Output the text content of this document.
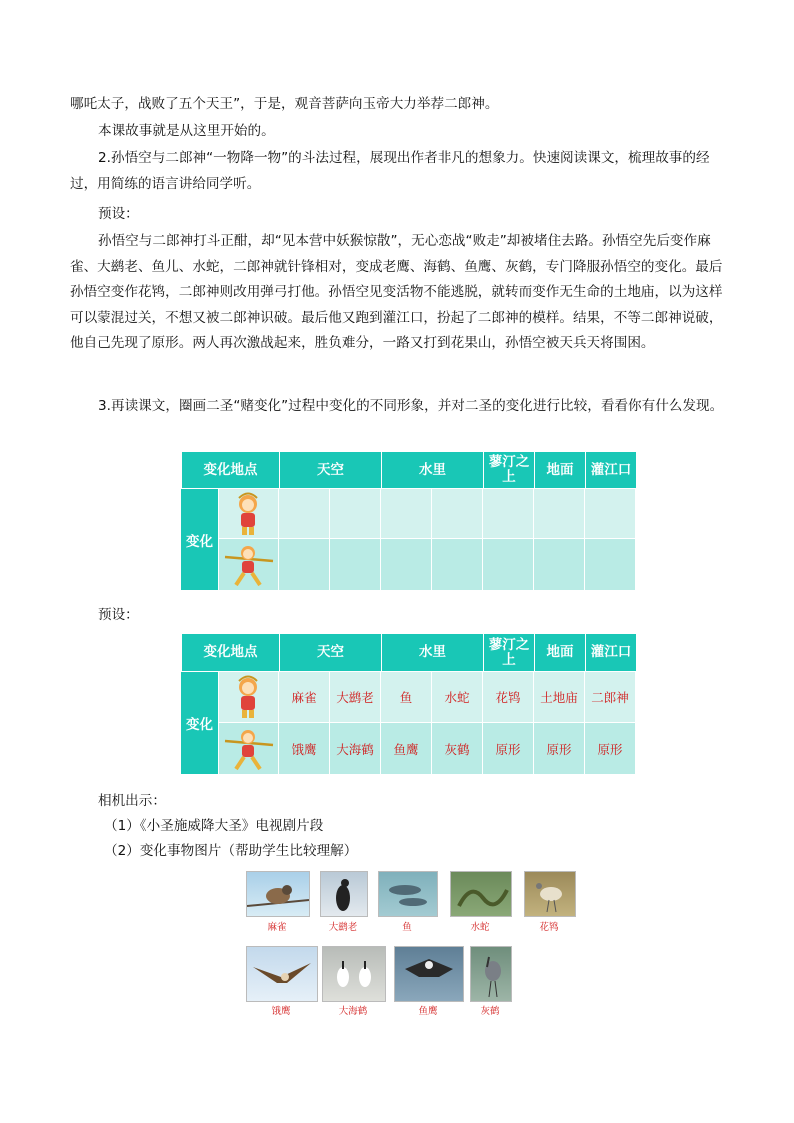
哪吒太子，战败了五个天王”，于是，观音菩萨向玉帝大力举荐二郎神。

本课故事就是从这里开始的。

2.孙悟空与二郎神“一物降一物”的斗法过程，展现出作者非凡的想象力。快速阅读课文，梳理故事的经过，用简练的语言讲给同学听。

预设：

孙悟空与二郎神打斗正酣，却“见本营中妖猴惊散”，无心恋战“败走”却被堵住去路。孙悟空先后变作麻雀、大鹚老、鱼儿、水蛇，二郎神就针锋相对，变成老鹰、海鹤、鱼鹰、灰鹤，专门降服孙悟空的变化。最后孙悟空变作花鸨，二郎神则改用弹弓打他。孙悟空见变活物不能逃脱，就转而变作无生命的土地庙，以为这样可以蒙混过关，不想又被二郎神识破。最后他又跑到灌江口，扮起了二郎神的模样。结果，不等二郎神说破，他自己先现了原形。两人再次激战起来，胜负难分，一路又打到花果山，孙悟空被天兵天将围困。

3.再读课文，圈画二圣“赌变化”过程中变化的不同形象，并对二圣的变化进行比较，看看你有什么发现。

变化地点	天空	水里	蓼汀之上	地面	灌江口
变化

预设：

变化地点	天空	水里	蓼汀之上	地面	灌江口
变化
麻雀	大鹚老	鱼	水蛇	花鸨	土地庙	二郎神
饿鹰	大海鹤	鱼鹰	灰鹤	原形	原形	原形

相机出示：

（1）《小圣施威降大圣》电视剧片段

（2）变化事物图片（帮助学生比较理解）

麻雀	大鹚老	鱼	水蛇	花鸨
饿鹰	大海鹤	鱼鹰	灰鹤
